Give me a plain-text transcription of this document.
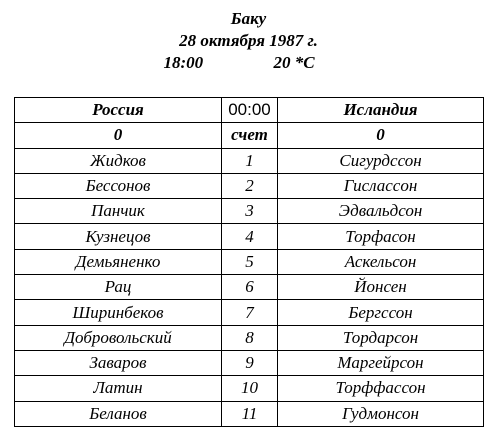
Баку

28 октября 1987 г.

18:00	20 *С

Россия	00:00	Исландия
0	счет	0
Жидков	1	Сигурдссон
Бессонов	2	Гисласcон
Панчик	3	Эдвальдсон
Кузнецов	4	Торфасон
Демьяненко	5	Аскельсон
Рац	6	Йонсен
Ширинбеков	7	Бергссон
Добровольский	8	Тордарсон
Заваров	9	Маргейрсон
Латин	10	Торффассон
Беланов	11	Гудмонсон
